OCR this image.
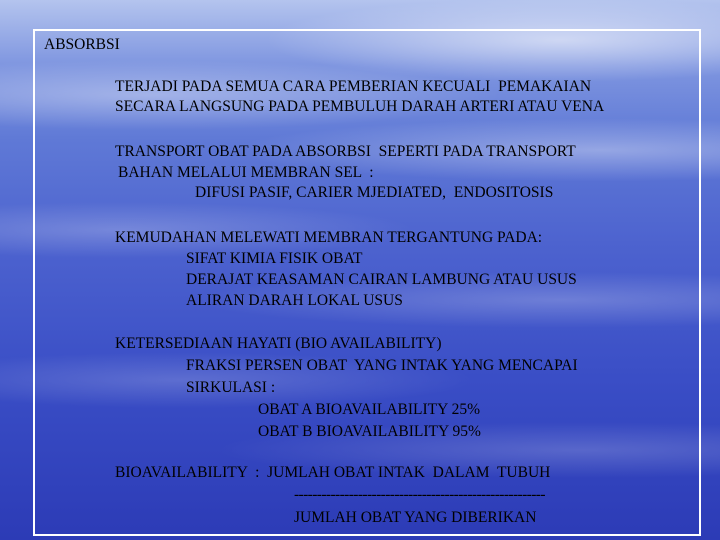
ABSORBSI
TERJADI PADA SEMUA CARA PEMBERIAN KECUALI  PEMAKAIAN
SECARA LANGSUNG PADA PEMBULUH DARAH ARTERI ATAU VENA
TRANSPORT OBAT PADA ABSORBSI  SEPERTI PADA TRANSPORT
BAHAN MELALUI MEMBRAN SEL  :
DIFUSI PASIF, CARIER MJEDIATED,  ENDOSITOSIS
KEMUDAHAN MELEWATI MEMBRAN TERGANTUNG PADA:
SIFAT KIMIA FISIK OBAT
DERAJAT KEASAMAN CAIRAN LAMBUNG ATAU USUS
ALIRAN DARAH LOKAL USUS
KETERSEDIAAN HAYATI (BIO AVAILABILITY)
FRAKSI PERSEN OBAT  YANG INTAK YANG MENCAPAI
SIRKULASI :
OBAT A BIOAVAILABILITY 25%
OBAT B BIOAVAILABILITY 95%
BIOAVAILABILITY  :  JUMLAH OBAT INTAK  DALAM  TUBUH
-------------------------------------------------------
JUMLAH OBAT YANG DIBERIKAN
